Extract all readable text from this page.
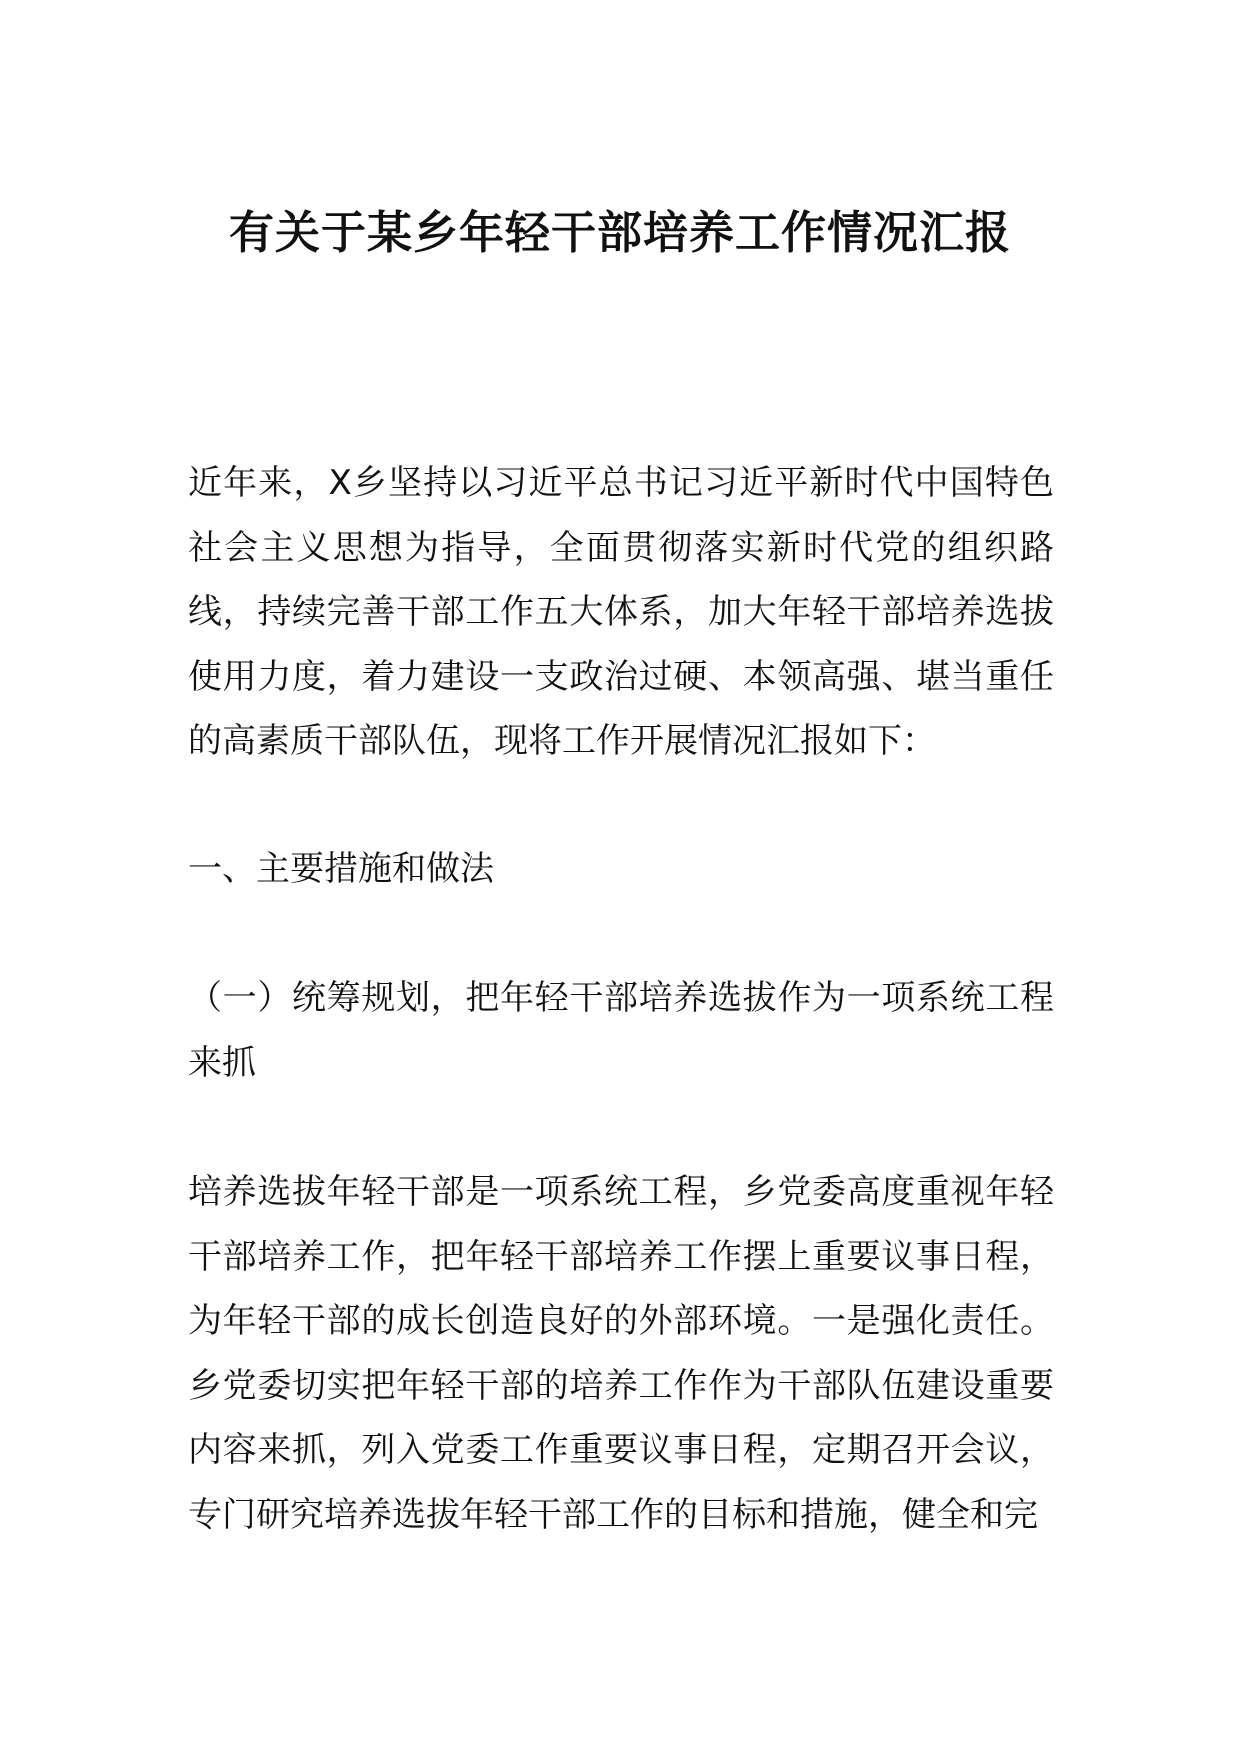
有关于某乡年轻干部培养工作情况汇报

近年来，X乡坚持以习近平总书记习近平新时代中国特色社会主义思想为指导，全面贯彻落实新时代党的组织路线，持续完善干部工作五大体系，加大年轻干部培养选拔使用力度，着力建设一支政治过硬、本领高强、堪当重任的高素质干部队伍，现将工作开展情况汇报如下：

一、主要措施和做法

（一）统筹规划，把年轻干部培养选拔作为一项系统工程来抓

培养选拔年轻干部是一项系统工程，乡党委高度重视年轻干部培养工作，把年轻干部培养工作摆上重要议事日程，为年轻干部的成长创造良好的外部环境。一是强化责任。乡党委切实把年轻干部的培养工作作为干部队伍建设重要内容来抓，列入党委工作重要议事日程，定期召开会议，专门研究培养选拔年轻干部工作的目标和措施，健全和完
